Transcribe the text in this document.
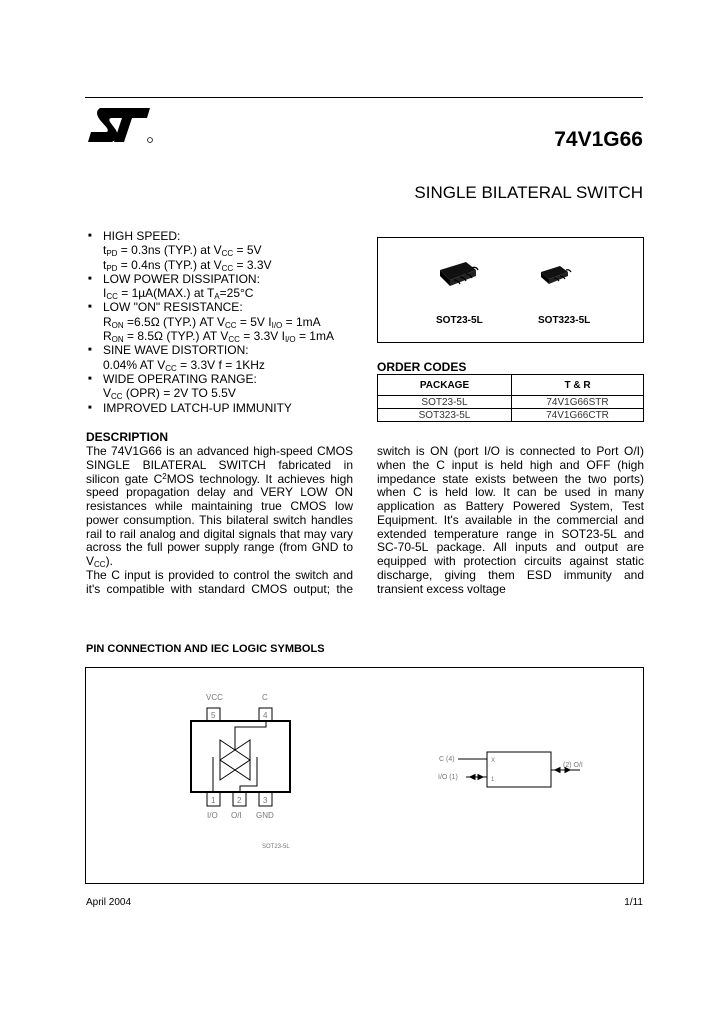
74V1G66
SINGLE BILATERAL SWITCH
■ HIGH SPEED:
$t_{PD} = 0.3ns$ (TYP.) at $V_{CC} = 5V$
$t_{PD} = 0.4ns$ (TYP.) at $V_{CC} = 3.3V$
■ LOW POWER DISSIPATION:
$I_{CC} = 1\mu A(MAX.)$ at $T_A=25^\circ C$
■ LOW "ON" RESISTANCE:
$R_{ON} =6.5\Omega$ (TYP.) AT $V_{CC} = 5V$ $I_{I/O} = 1mA$
$R_{ON} = 8.5\Omega$ (TYP.) AT $V_{CC} = 3.3V$ $I_{I/O} = 1mA$
■ SINE WAVE DISTORTION:
0.04% AT $V_{CC} = 3.3V$ f = 1KHz
■ WIDE OPERATING RANGE:
$V_{CC}$ (OPR) = 2V TO 5.5V
■ IMPROVED LATCH-UP IMMUNITY
SOT23-5L	SOT323-5L
ORDER CODES
PACKAGE	T & R
SOT23-5L	74V1G66STR
SOT323-5L	74V1G66CTR
DESCRIPTION
The 74V1G66 is an advanced high-speed CMOS
SINGLE BILATERAL SWITCH fabricated in
silicon gate $C^2MOS$ technology. It achieves high
speed propagation delay and VERY LOW ON
resistances while maintaining true CMOS low
power consumption. This bilateral switch handles
rail to rail analog and digital signals that may vary
across the full power supply range (from GND to
$V_{CC}$).
The C input is provided to control the switch and
it's compatible with standard CMOS output; the
switch is ON (port I/O is connected to Port O/I)
when the C input is held high and OFF (high
impedance state exists between the two ports)
when C is held low. It can be used in many
application as Battery Powered System, Test
Equipment. It's available in the commercial and
extended temperature range in SOT23-5L and
SC-70-5L package. All inputs and output are
equipped with protection circuits against static
discharge, giving them ESD immunity and
transient excess voltage
PIN CONNECTION AND IEC LOGIC SYMBOLS
VCC	C
5	4
1	2	3
I/O O/I GND
SOT23-5L
C (4)
I/O (1)
(2) O/I
X
1
April 2004	1/11
